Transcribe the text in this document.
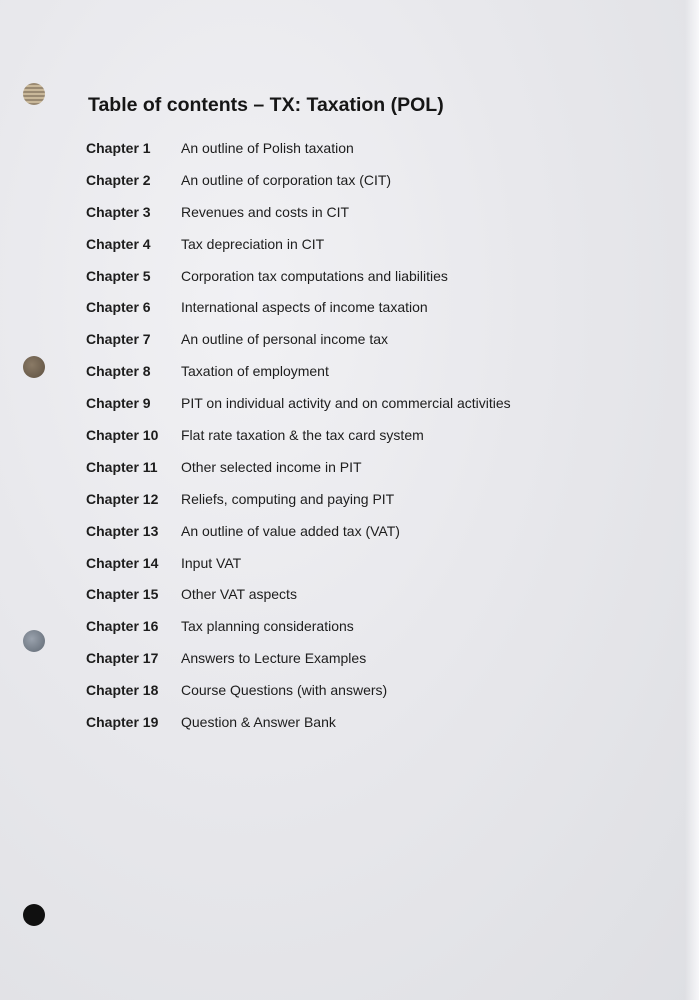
Table of contents – TX: Taxation (POL)
Chapter 1	An outline of Polish taxation
Chapter 2	An outline of corporation tax (CIT)
Chapter 3	Revenues and costs in CIT
Chapter 4	Tax depreciation in CIT
Chapter 5	Corporation tax computations and liabilities
Chapter 6	International aspects of income taxation
Chapter 7	An outline of personal income tax
Chapter 8	Taxation of employment
Chapter 9	PIT on individual activity and on commercial activities
Chapter 10	Flat rate taxation & the tax card system
Chapter 11	Other selected income in PIT
Chapter 12	Reliefs, computing and paying PIT
Chapter 13	An outline of value added tax (VAT)
Chapter 14	Input VAT
Chapter 15	Other VAT aspects
Chapter 16	Tax planning considerations
Chapter 17	Answers to Lecture Examples
Chapter 18	Course Questions (with answers)
Chapter 19	Question & Answer Bank
